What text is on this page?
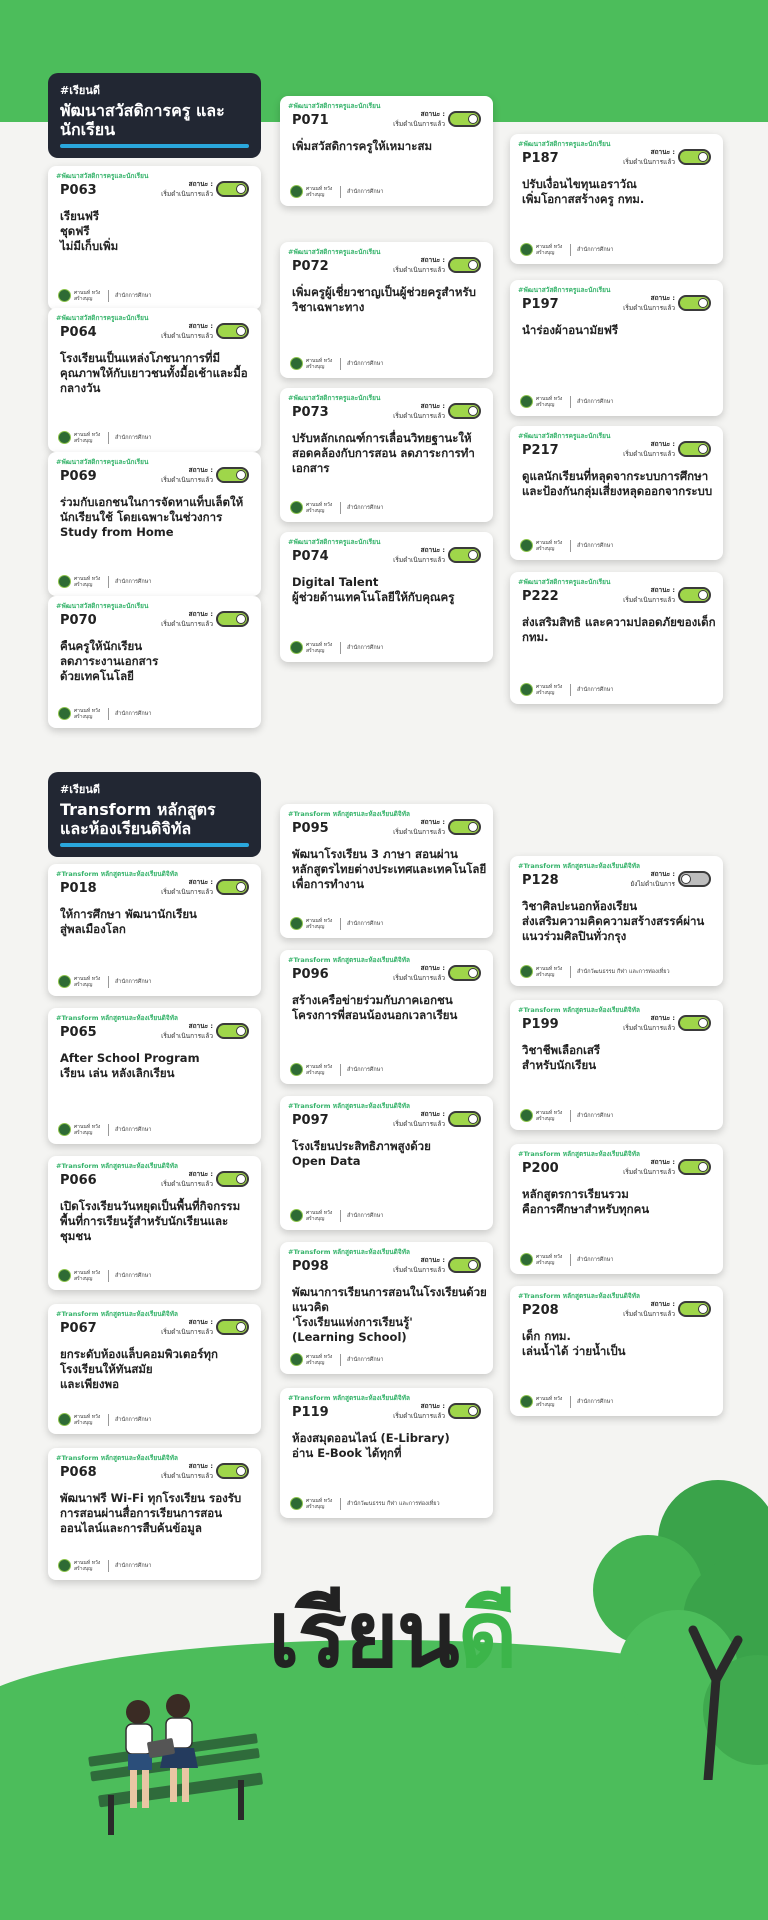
#เรียนดี
พัฒนาสวัสดิการครู และนักเรียน
#เรียนดี
Transform หลักสูตร และห้องเรียนดิจิทัล
#พัฒนาสวัสดิการครูและนักเรียน
P063	สถานะ :
เริ่มดำเนินการแล้ว
เรียนฟรี
ชุดฟรี
ไม่มีเก็บเพิ่ม
ศานนท์ หวังสร้างบุญ	สำนักการศึกษา
#พัฒนาสวัสดิการครูและนักเรียน
P064	สถานะ :
เริ่มดำเนินการแล้ว
โรงเรียนเป็นแหล่งโภชนาการที่มีคุณภาพให้กับเยาวชนทั้งมื้อเช้าและมื้อกลางวัน
ศานนท์ หวังสร้างบุญ	สำนักการศึกษา
#พัฒนาสวัสดิการครูและนักเรียน
P069	สถานะ :
เริ่มดำเนินการแล้ว
ร่วมกับเอกชนในการจัดหาแท็บเล็ตให้นักเรียนใช้ โดยเฉพาะในช่วงการ Study from Home
ศานนท์ หวังสร้างบุญ	สำนักการศึกษา
#พัฒนาสวัสดิการครูและนักเรียน
P070	สถานะ :
เริ่มดำเนินการแล้ว
คืนครูให้นักเรียน
ลดภาระงานเอกสาร
ด้วยเทคโนโลยี
ศานนท์ หวังสร้างบุญ	สำนักการศึกษา
#พัฒนาสวัสดิการครูและนักเรียน
P071	สถานะ :
เริ่มดำเนินการแล้ว
เพิ่มสวัสดิการครูให้เหมาะสม
ศานนท์ หวังสร้างบุญ	สำนักการศึกษา
#พัฒนาสวัสดิการครูและนักเรียน
P072	สถานะ :
เริ่มดำเนินการแล้ว
เพิ่มครูผู้เชี่ยวชาญเป็นผู้ช่วยครูสำหรับวิชาเฉพาะทาง
ศานนท์ หวังสร้างบุญ	สำนักการศึกษา
#พัฒนาสวัสดิการครูและนักเรียน
P073	สถานะ :
เริ่มดำเนินการแล้ว
ปรับหลักเกณฑ์การเลื่อนวิทยฐานะให้สอดคล้องกับการสอน ลดภาระการทำเอกสาร
ศานนท์ หวังสร้างบุญ	สำนักการศึกษา
#พัฒนาสวัสดิการครูและนักเรียน
P074	สถานะ :
เริ่มดำเนินการแล้ว
Digital Talent
ผู้ช่วยด้านเทคโนโลยีให้กับคุณครู
ศานนท์ หวังสร้างบุญ	สำนักการศึกษา
#พัฒนาสวัสดิการครูและนักเรียน
P187	สถานะ :
เริ่มดำเนินการแล้ว
ปรับเงื่อนไขทุนเอราวัณ
เพิ่มโอกาสสร้างครู กทม.
ศานนท์ หวังสร้างบุญ	สำนักการศึกษา
#พัฒนาสวัสดิการครูและนักเรียน
P197	สถานะ :
เริ่มดำเนินการแล้ว
นำร่องผ้าอนามัยฟรี
ศานนท์ หวังสร้างบุญ	สำนักการศึกษา
#พัฒนาสวัสดิการครูและนักเรียน
P217	สถานะ :
เริ่มดำเนินการแล้ว
ดูแลนักเรียนที่หลุดจากระบบการศึกษา และป้องกันกลุ่มเสี่ยงหลุดออกจากระบบ
ศานนท์ หวังสร้างบุญ	สำนักการศึกษา
#พัฒนาสวัสดิการครูและนักเรียน
P222	สถานะ :
เริ่มดำเนินการแล้ว
ส่งเสริมสิทธิ และความปลอดภัยของเด็ก กทม.
ศานนท์ หวังสร้างบุญ	สำนักการศึกษา
#Transform หลักสูตรและห้องเรียนดิจิทัล
P018	สถานะ :
เริ่มดำเนินการแล้ว
ให้การศึกษา พัฒนานักเรียน
สู่พลเมืองโลก
ศานนท์ หวังสร้างบุญ	สำนักการศึกษา
#Transform หลักสูตรและห้องเรียนดิจิทัล
P065	สถานะ :
เริ่มดำเนินการแล้ว
After School Program
เรียน เล่น หลังเลิกเรียน
ศานนท์ หวังสร้างบุญ	สำนักการศึกษา
#Transform หลักสูตรและห้องเรียนดิจิทัล
P066	สถานะ :
เริ่มดำเนินการแล้ว
เปิดโรงเรียนวันหยุดเป็นพื้นที่กิจกรรม พื้นที่การเรียนรู้สำหรับนักเรียนและชุมชน
ศานนท์ หวังสร้างบุญ	สำนักการศึกษา
#Transform หลักสูตรและห้องเรียนดิจิทัล
P067	สถานะ :
เริ่มดำเนินการแล้ว
ยกระดับห้องแล็บคอมพิวเตอร์ทุกโรงเรียนให้ทันสมัย
และเพียงพอ
ศานนท์ หวังสร้างบุญ	สำนักการศึกษา
#Transform หลักสูตรและห้องเรียนดิจิทัล
P068	สถานะ :
เริ่มดำเนินการแล้ว
พัฒนาฟรี Wi-Fi ทุกโรงเรียน รองรับการสอนผ่านสื่อการเรียนการสอนออนไลน์และการสืบค้นข้อมูล
ศานนท์ หวังสร้างบุญ	สำนักการศึกษา
#Transform หลักสูตรและห้องเรียนดิจิทัล
P095	สถานะ :
เริ่มดำเนินการแล้ว
พัฒนาโรงเรียน 3 ภาษา สอนผ่านหลักสูตรไทยต่างประเทศและเทคโนโลยีเพื่อการทำงาน
ศานนท์ หวังสร้างบุญ	สำนักการศึกษา
#Transform หลักสูตรและห้องเรียนดิจิทัล
P096	สถานะ :
เริ่มดำเนินการแล้ว
สร้างเครือข่ายร่วมกับภาคเอกชน โครงการพี่สอนน้องนอกเวลาเรียน
ศานนท์ หวังสร้างบุญ	สำนักการศึกษา
#Transform หลักสูตรและห้องเรียนดิจิทัล
P097	สถานะ :
เริ่มดำเนินการแล้ว
โรงเรียนประสิทธิภาพสูงด้วย
Open Data
ศานนท์ หวังสร้างบุญ	สำนักการศึกษา
#Transform หลักสูตรและห้องเรียนดิจิทัล
P098	สถานะ :
เริ่มดำเนินการแล้ว
พัฒนาการเรียนการสอนในโรงเรียนด้วยแนวคิด
'โรงเรียนแห่งการเรียนรู้'
(Learning School)
ศานนท์ หวังสร้างบุญ	สำนักการศึกษา
#Transform หลักสูตรและห้องเรียนดิจิทัล
P119	สถานะ :
เริ่มดำเนินการแล้ว
ห้องสมุดออนไลน์ (E-Library)
อ่าน E-Book ได้ทุกที่
ศานนท์ หวังสร้างบุญ	สำนักวัฒนธรรม กีฬา และการท่องเที่ยว
#Transform หลักสูตรและห้องเรียนดิจิทัล
P128	สถานะ :
ยังไม่ดำเนินการ
วิชาศิลปะนอกห้องเรียน
ส่งเสริมความคิดความสร้างสรรค์ผ่านแนวร่วมศิลปินทั่วกรุง
ศานนท์ หวังสร้างบุญ	สำนักวัฒนธรรม กีฬา และการท่องเที่ยว
#Transform หลักสูตรและห้องเรียนดิจิทัล
P199	สถานะ :
เริ่มดำเนินการแล้ว
วิชาชีพเลือกเสรี
สำหรับนักเรียน
ศานนท์ หวังสร้างบุญ	สำนักการศึกษา
#Transform หลักสูตรและห้องเรียนดิจิทัล
P200	สถานะ :
เริ่มดำเนินการแล้ว
หลักสูตรการเรียนรวม
คือการศึกษาสำหรับทุกคน
ศานนท์ หวังสร้างบุญ	สำนักการศึกษา
#Transform หลักสูตรและห้องเรียนดิจิทัล
P208	สถานะ :
เริ่มดำเนินการแล้ว
เด็ก กทม.
เล่นน้ำได้ ว่ายน้ำเป็น
ศานนท์ หวังสร้างบุญ	สำนักการศึกษา
เรียนดี
